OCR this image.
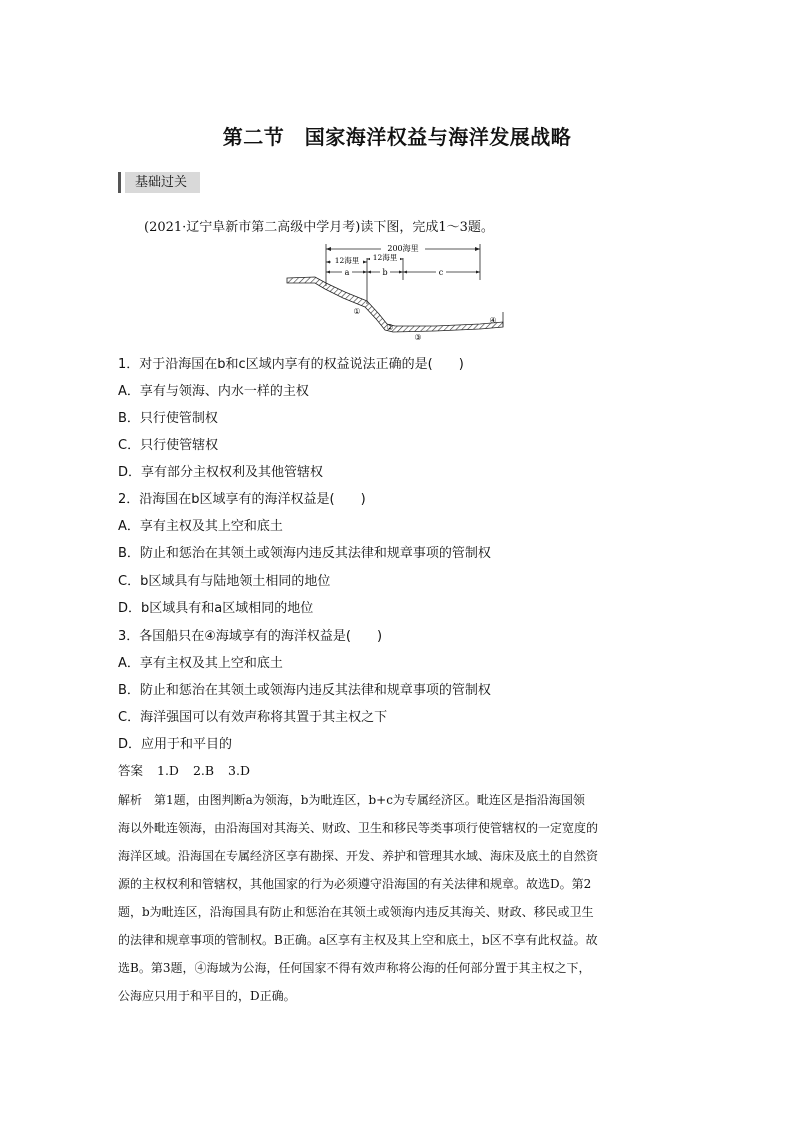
第二节　国家海洋权益与海洋发展战略
基础过关
(2021·辽宁阜新市第二高级中学月考)读下图，完成1～3题。
200海里
12海里 12海里
a	b	c
①
②
③
④
1．对于沿海国在b和c区域内享有的权益说法正确的是(　　)
A．享有与领海、内水一样的主权
B．只行使管制权
C．只行使管辖权
D．享有部分主权权利及其他管辖权
2．沿海国在b区域享有的海洋权益是(　　)
A．享有主权及其上空和底土
B．防止和惩治在其领土或领海内违反其法律和规章事项的管制权
C．b区域具有与陆地领土相同的地位
D．b区域具有和a区域相同的地位
3．各国船只在④海域享有的海洋权益是(　　)
A．享有主权及其上空和底土
B．防止和惩治在其领土或领海内违反其法律和规章事项的管制权
C．海洋强国可以有效声称将其置于其主权之下
D．应用于和平目的
答案 1.D 2.B 3.D

解析　第1题，由图判断a为领海，b为毗连区，b+c为专属经济区。毗连区是指沿海国领

海以外毗连领海，由沿海国对其海关、财政、卫生和移民等类事项行使管辖权的一定宽度的

海洋区域。沿海国在专属经济区享有勘探、开发、养护和管理其水域、海床及底土的自然资

源的主权权利和管辖权，其他国家的行为必须遵守沿海国的有关法律和规章。故选D。第2

题，b为毗连区，沿海国具有防止和惩治在其领土或领海内违反其海关、财政、移民或卫生

的法律和规章事项的管制权。B正确。a区享有主权及其上空和底土，b区不享有此权益。故

选B。第3题，④海域为公海，任何国家不得有效声称将公海的任何部分置于其主权之下，

公海应只用于和平目的，D正确。
